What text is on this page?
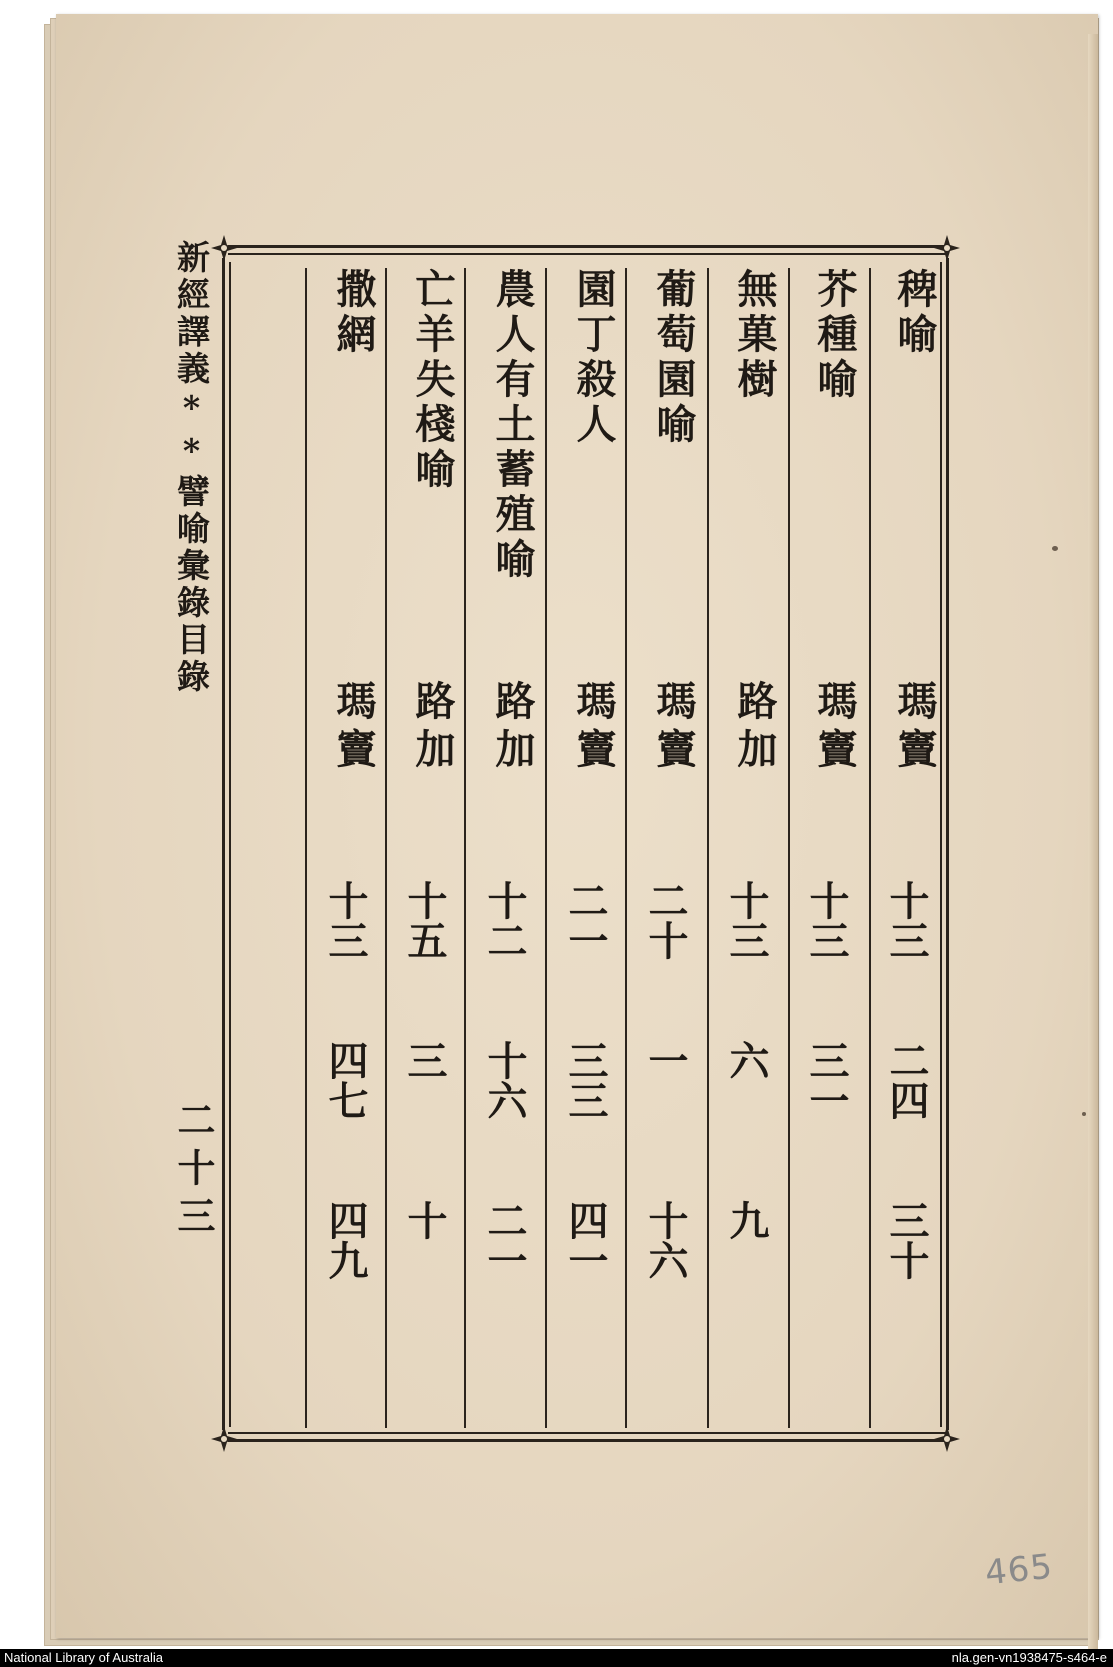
新經譯義**譬喻彙錄目錄
二十三
稗喻
瑪竇
十三
二四
三十
芥種喻
瑪竇
十三
三一
無菓樹
路加
十三
六
九
葡萄園喻
瑪竇
二十
一
十六
園丁殺人
瑪竇
二一
三三
四一
農人有土蓄殖喻
路加
十二
十六
二一
亡羊失棧喻
路加
十五
三
十
撒網
瑪竇
十三
四七
四九
465
National Library of Australia	nla.gen-vn1938475-s464-e
